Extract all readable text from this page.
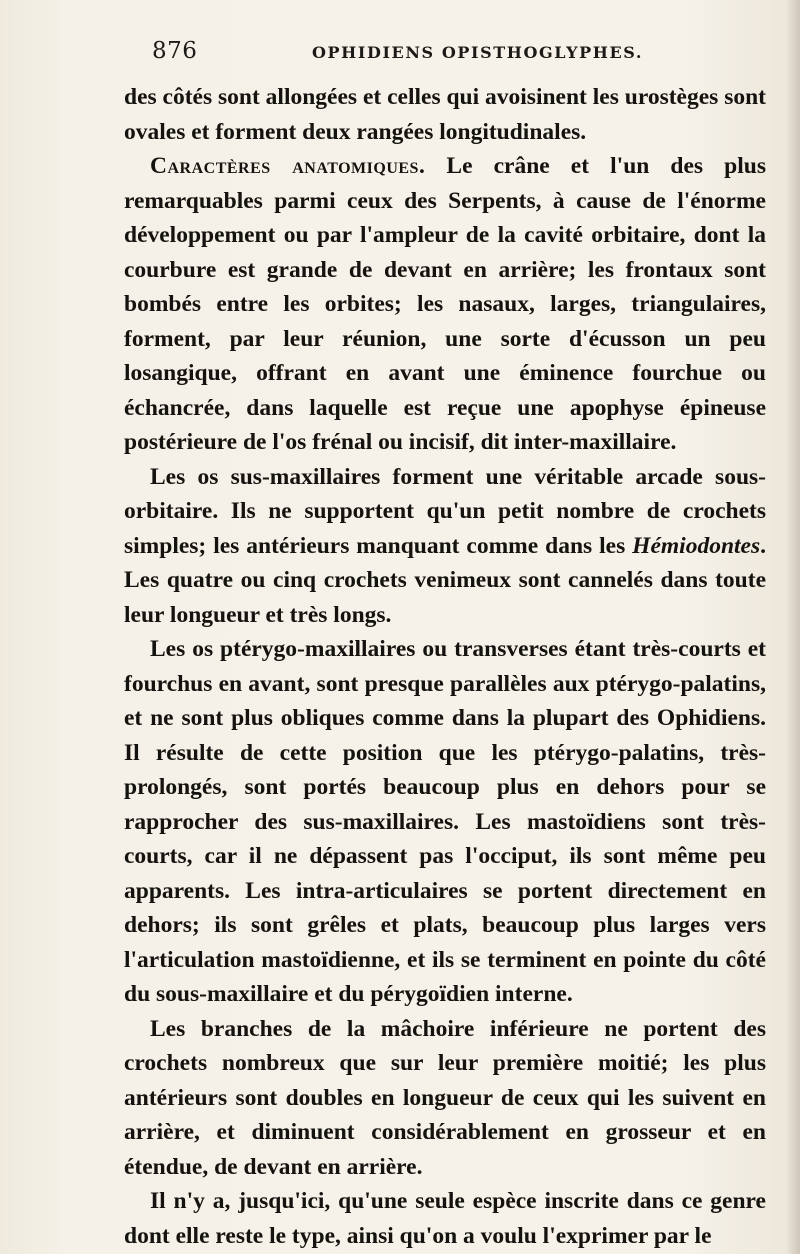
876	OPHIDIENS OPISTHOGLYPHES.

des côtés sont allongées et celles qui avoisinent les urostèges sont ovales et forment deux rangées longitudinales.

Caractères anatomiques. Le crâne et l'un des plus remarquables parmi ceux des Serpents, à cause de l'énorme développement ou par l'ampleur de la cavité orbitaire, dont la courbure est grande de devant en arrière; les frontaux sont bombés entre les orbites; les nasaux, larges, triangulaires, forment, par leur réunion, une sorte d'écusson un peu losangique, offrant en avant une éminence fourchue ou échancrée, dans laquelle est reçue une apophyse épineuse postérieure de l'os frénal ou incisif, dit inter-maxillaire.

Les os sus-maxillaires forment une véritable arcade sous-orbitaire. Ils ne supportent qu'un petit nombre de crochets simples; les antérieurs manquant comme dans les Hémiodontes. Les quatre ou cinq crochets venimeux sont cannelés dans toute leur longueur et très longs.

Les os ptérygo-maxillaires ou transverses étant très-courts et fourchus en avant, sont presque parallèles aux ptérygo-palatins, et ne sont plus obliques comme dans la plupart des Ophidiens. Il résulte de cette position que les ptérygo-palatins, très-prolongés, sont portés beaucoup plus en dehors pour se rapprocher des sus-maxillaires. Les mastoïdiens sont très-courts, car il ne dépassent pas l'occiput, ils sont même peu apparents. Les intra-articulaires se portent directement en dehors; ils sont grêles et plats, beaucoup plus larges vers l'articulation mastoïdienne, et ils se terminent en pointe du côté du sous-maxillaire et du pérygoïdien interne.

Les branches de la mâchoire inférieure ne portent des crochets nombreux que sur leur première moitié; les plus antérieurs sont doubles en longueur de ceux qui les suivent en arrière, et diminuent considérablement en grosseur et en étendue, de devant en arrière.

Il n'y a, jusqu'ici, qu'une seule espèce inscrite dans ce genre dont elle reste le type, ainsi qu'on a voulu l'exprimer par le
